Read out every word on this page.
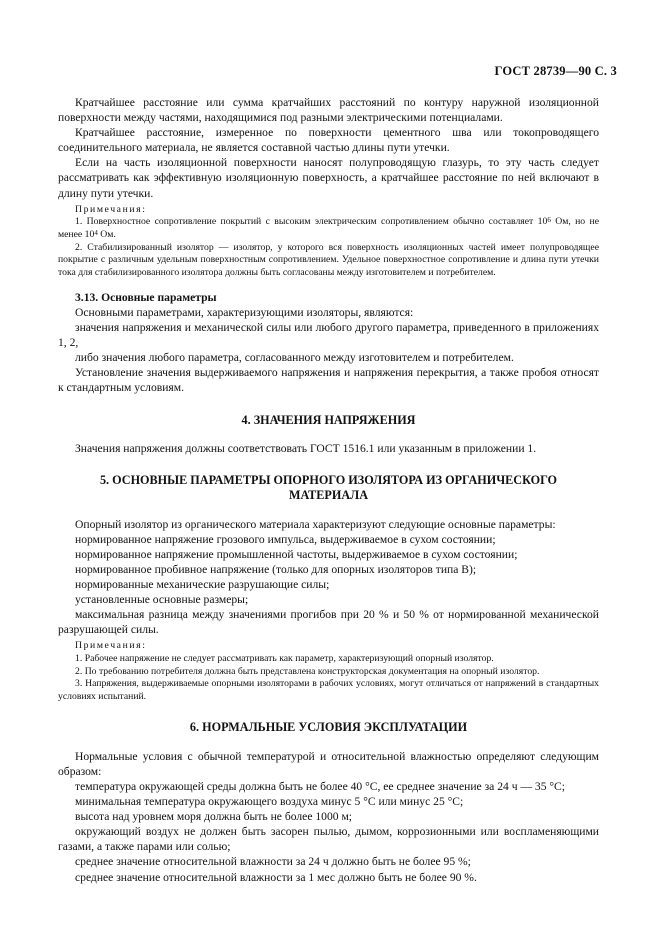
ГОСТ 28739—90 С. 3

Кратчайшее расстояние или сумма кратчайших расстояний по контуру наружной изоляционной поверхности между частями, находящимися под разными электрическими потенциалами.

Кратчайшее расстояние, измеренное по поверхности цементного шва или токопроводящего соединительного материала, не является составной частью длины пути утечки.

Если на часть изоляционной поверхности наносят полупроводящую глазурь, то эту часть следует рассматривать как эффективную изоляционную поверхность, а кратчайшее расстояние по ней включают в длину пути утечки.

Примечания:

1. Поверхностное сопротивление покрытий с высоким электрическим сопротивлением обычно составляет $10^6$ Ом, но не менее $10^4$ Ом.

2. Стабилизированный изолятор — изолятор, у которого вся поверхность изоляционных частей имеет полупроводящее покрытие с различным удельным поверхностным сопротивлением. Удельное поверхностное сопротивление и длина пути утечки тока для стабилизированного изолятора должны быть согласованы между изготовителем и потребителем.

3.13. Основные параметры

Основными параметрами, характеризующими изоляторы, являются:

значения напряжения и механической силы или любого другого параметра, приведенного в приложениях 1, 2,

либо значения любого параметра, согласованного между изготовителем и потребителем.

Установление значения выдерживаемого напряжения и напряжения перекрытия, а также пробоя относят к стандартным условиям.

4. ЗНАЧЕНИЯ НАПРЯЖЕНИЯ

Значения напряжения должны соответствовать ГОСТ 1516.1 или указанным в приложении 1.

5. ОСНОВНЫЕ ПАРАМЕТРЫ ОПОРНОГО ИЗОЛЯТОРА ИЗ ОРГАНИЧЕСКОГО

МАТЕРИАЛА

Опорный изолятор из органического материала характеризуют следующие основные параметры:

нормированное напряжение грозового импульса, выдерживаемое в сухом состоянии;

нормированное напряжение промышленной частоты, выдерживаемое в сухом состоянии;

нормированное пробивное напряжение (только для опорных изоляторов типа В);

нормированные механические разрушающие силы;

установленные основные размеры;

максимальная разница между значениями прогибов при 20 % и 50 % от нормированной механической разрушающей силы.

Примечания:

1. Рабочее напряжение не следует рассматривать как параметр, характеризующий опорный изолятор.

2. По требованию потребителя должна быть представлена конструкторская документация на опорный изолятор.

3. Напряжения, выдерживаемые опорными изоляторами в рабочих условиях, могут отличаться от напряжений в стандартных условиях испытаний.

6. НОРМАЛЬНЫЕ УСЛОВИЯ ЭКСПЛУАТАЦИИ

Нормальные условия с обычной температурой и относительной влажностью определяют следующим образом:

температура окружающей среды должна быть не более 40 °C, ее среднее значение за 24 ч — 35 °C;

минимальная температура окружающего воздуха минус 5 °C или минус 25 °C;

высота над уровнем моря должна быть не более 1000 м;

окружающий воздух не должен быть засорен пылью, дымом, коррозионными или воспламеняющими газами, а также парами или солью;

среднее значение относительной влажности за 24 ч должно быть не более 95 %;

среднее значение относительной влажности за 1 мес должно быть не более 90 %.
